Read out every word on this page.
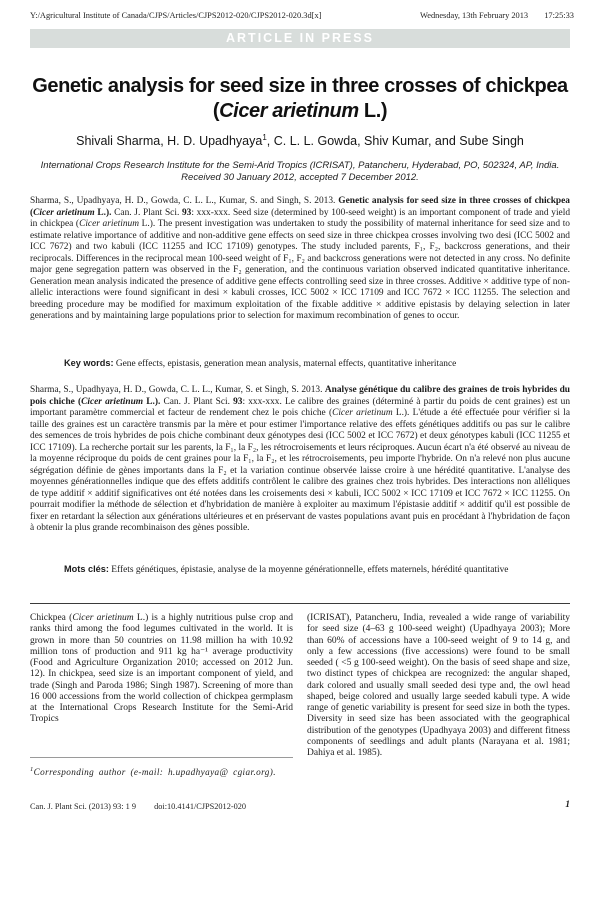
Y:/Agricultural Institute of Canada/CJPS/Articles/CJPS2012-020/CJPS2012-020.3d[x]	Wednesday, 13th February 2013 17:25:33
ARTICLE IN PRESS
Genetic analysis for seed size in three crosses of chickpea
(Cicer arietinum L.)
Shivali Sharma, H. D. Upadhyaya$^1$, C. L. L. Gowda, Shiv Kumar, and Sube Singh
International Crops Research Institute for the Semi-Arid Tropics (ICRISAT), Patancheru, Hyderabad, PO, 502324, AP, India. Received 30 January 2012, accepted 7 December 2012.
Sharma, S., Upadhyaya, H. D., Gowda, C. L. L., Kumar, S. and Singh, S. 2013. Genetic analysis for seed size in three crosses of chickpea (Cicer arietinum L.). Can. J. Plant Sci. 93: xxx-xxx. Seed size (determined by 100-seed weight) is an important component of trade and yield in chickpea (Cicer arietinum L.). The present investigation was undertaken to study the possibility of maternal inheritance for seed size and to estimate relative importance of additive and non-additive gene effects on seed size in three chickpea crosses involving two desi (ICC 5002 and ICC 7672) and two kabuli (ICC 11255 and ICC 17109) genotypes. The study included parents, F₁, F₂, backcross generations, and their reciprocals. Differences in the reciprocal mean 100-seed weight of F₁, F₂ and backcross generations were not detected in any cross. No definite major gene segregation pattern was observed in the F₂ generation, and the continuous variation observed indicated quantitative inheritance. Generation mean analysis indicated the presence of additive gene effects controlling seed size in three crosses. Additive × additive type of non-allelic interactions were found significant in desi × kabuli crosses, ICC 5002 × ICC 17109 and ICC 7672 × ICC 11255. The selection and breeding procedure may be modified for maximum exploitation of the fixable additive × additive epistasis by delaying selection in later generations and by maintaining large populations prior to selection for maximum recombination of genes to occur.
Key words: Gene effects, epistasis, generation mean analysis, maternal effects, quantitative inheritance
Sharma, S., Upadhyaya, H. D., Gowda, C. L. L., Kumar, S. et Singh, S. 2013. Analyse génétique du calibre des graines de trois hybrides du pois chiche (Cicer arietinum L.). Can. J. Plant Sci. 93: xxx-xxx. Le calibre des graines (déterminé à partir du poids de cent graines) est un important paramètre commercial et facteur de rendement chez le pois chiche (Cicer arietinum L.). L'étude a été effectuée pour vérifier si la taille des graines est un caractère transmis par la mère et pour estimer l'importance relative des effets génétiques additifs ou pas sur le calibre des semences de trois hybrides de pois chiche combinant deux génotypes desi (ICC 5002 et ICC 7672) et deux génotypes kabuli (ICC 11255 et ICC 17109). La recherche portait sur les parents, la F₁, la F₂, les rétrocroisements et leurs réciproques. Aucun écart n'a été observé au niveau de la moyenne réciproque du poids de cent graines pour la F₁, la F₂, et les rétrocroisements, peu importe l'hybride. On n'a relevé non plus aucune ségrégation définie de gènes importants dans la F₂ et la variation continue observée laisse croire à une hérédité quantitative. L'analyse des moyennes générationnelles indique que des effets additifs contrôlent le calibre des graines chez trois hybrides. Des interactions non alléliques de type additif × additif significatives ont été notées dans les croisements desi × kabuli, ICC 5002 × ICC 17109 et ICC 7672 × ICC 11255. On pourrait modifier la méthode de sélection et d'hybridation de manière à exploiter au maximum l'épistasie additif × additif qu'il est possible de fixer en retardant la sélection aux générations ultérieures et en préservant de vastes populations avant puis en procédant à l'hybridation de façon à obtenir la plus grande recombinaison des gènes possible.
Mots clés: Effets génétiques, épistasie, analyse de la moyenne générationnelle, effets maternels, hérédité quantitative

Chickpea (Cicer arietinum L.) is a highly nutritious pulse crop and ranks third among the food legumes cultivated in the world. It is grown in more than 50 countries on 11.98 million ha with 10.92 million tons of production and 911 kg ha⁻¹ average productivity (Food and Agriculture Organization 2010; accessed on 2012 Jun. 12). In chickpea, seed size is an important component of yield, and trade (Singh and Paroda 1986; Singh 1987). Screening of more than 16 000 accessions from the world collection of chickpea germplasm at the International Crops Research Institute for the Semi-Arid Tropics

(ICRISAT), Patancheru, India, revealed a wide range of variability for seed size (4–63 g 100-seed weight) (Upadhyaya 2003); More than 60% of accessions have a 100-seed weight of 9 to 14 g, and only a few accessions (five accessions) were found to be small seeded ( <5 g 100-seed weight). On the basis of seed shape and size, two distinct types of chickpea are recognized: the angular shaped, dark colored and usually small seeded desi type and, the owl head shaped, beige colored and usually large seeded kabuli type. A wide range of genetic variability is present for seed size in both the types. Diversity in seed size has been associated with the geographical distribution of the genotypes (Upadhyaya 2003) and different fitness components of seedlings and adult plants (Narayana et al. 1981; Dahiya et al. 1985).

$^1$Corresponding author (e-mail: h.upadhyaya@ cgiar.org).
Can. J. Plant Sci. (2013) 93: 1 9 doi:10.4141/CJPS2012-020	1
